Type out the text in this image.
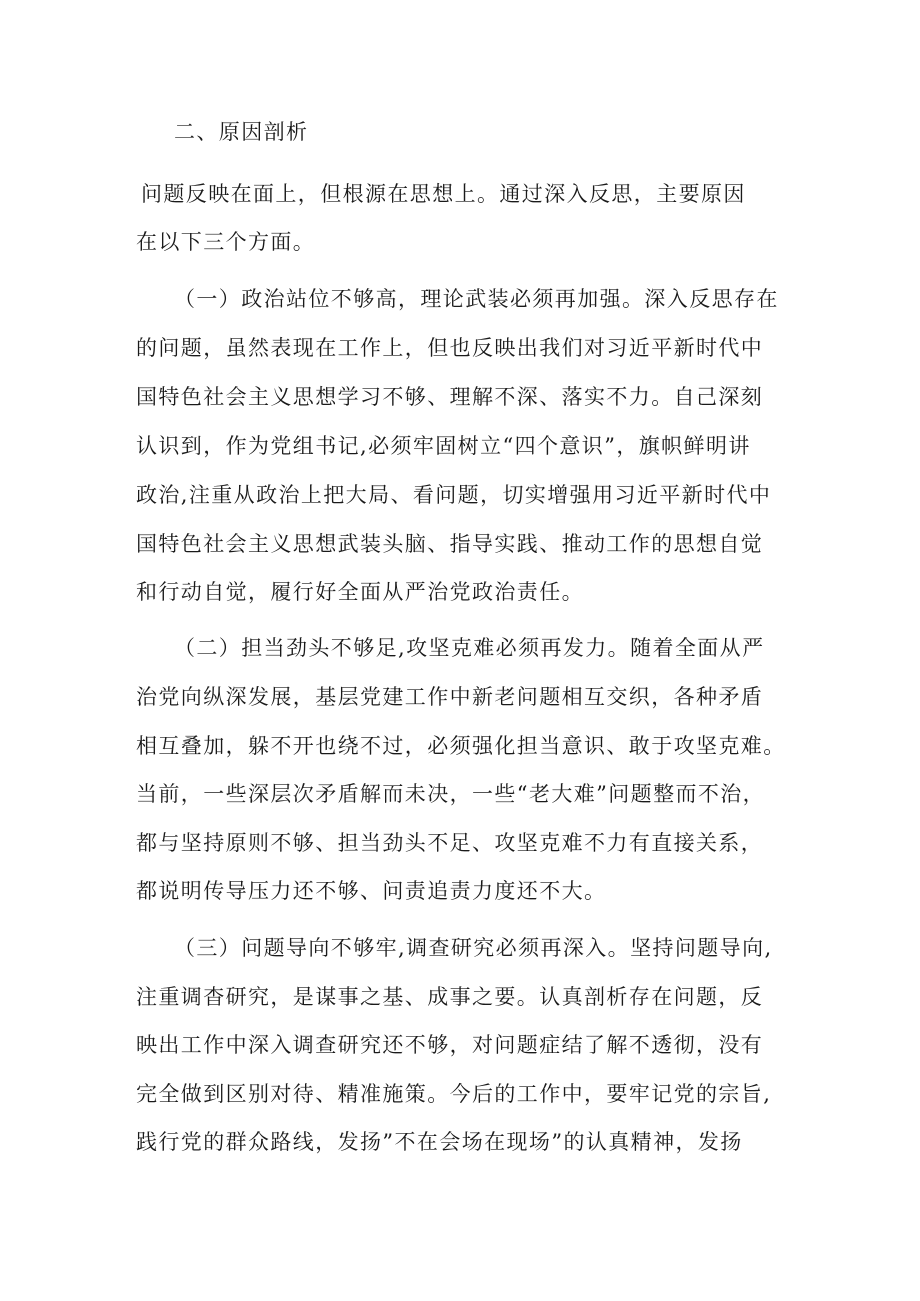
二、原因剖析
问题反映在面上，但根源在思想上。通过深入反思，主要原因
在以下三个方面。
（一）政治站位不够高，理论武装必须再加强。深入反思存在
的问题，虽然表现在工作上，但也反映出我们对习近平新时代中
国特色社会主义思想学习不够、理解不深、落实不力。自己深刻
认识到，作为党组书记,必须牢固树立“四个意识”，旗帜鲜明讲
政治,注重从政治上把大局、看问题，切实增强用习近平新时代中
国特色社会主义思想武装头脑、指导实践、推动工作的思想自觉
和行动自觉，履行好全面从严治党政治责任。
（二）担当劲头不够足,攻坚克难必须再发力。随着全面从严
治党向纵深发展，基层党建工作中新老问题相互交织，各种矛盾
相互叠加，躲不开也绕不过，必须强化担当意识、敢于攻坚克难。
当前，一些深层次矛盾解而未决，一些“老大难”问题整而不治，
都与坚持原则不够、担当劲头不足、攻坚克难不力有直接关系，
都说明传导压力还不够、问责追责力度还不大。
（三）问题导向不够牢,调查研究必须再深入。坚持问题导向,
注重调杳研究，是谋事之基、成事之要。认真剖析存在问题，反
映出工作中深入调查研究还不够，对问题症结了解不透彻，没有
完全做到区别对待、精准施策。今后的工作中，要牢记党的宗旨,
践行党的群众路线，发扬”不在会场在现场”的认真精神，发扬
